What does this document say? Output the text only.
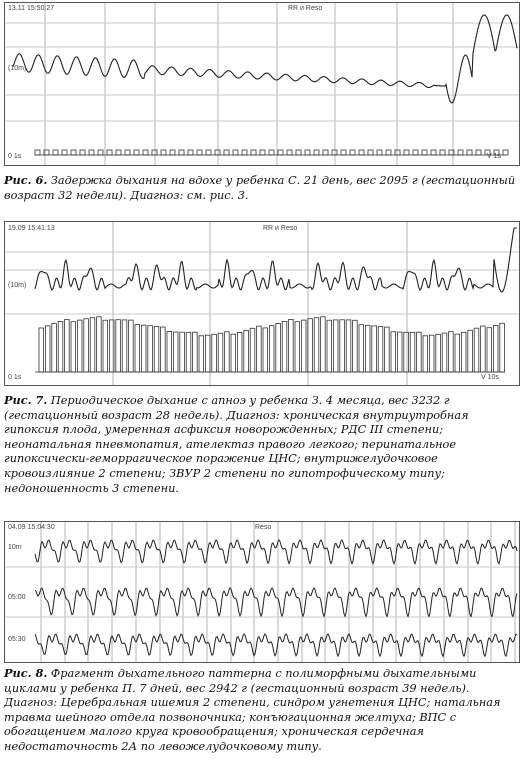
13.11 15:50:27	RR и Reso
(10m)
0 1s	V 1s

Рис. 6. Задержка дыхания на вдохе у ребенка С. 21 день, вес 2095 г (гестационный возраст 32 недели). Диагноз: см. рис. 3.

19.09 15:41:13	RR и Reso
(10m)
0 1s	V 10s

Рис. 7. Периодическое дыхание с апноэ у ребенка З. 4 месяца, вес 3232 г (гестационный возраст 28 недель). Диагноз: хроническая внутриутробная гипоксия плода, умеренная асфиксия новорожденных; РДС III степени; неонатальная пневмопатия, ателектаз правого легкого; перинатальное гипоксически-геморрагическое поражение ЦНС; внутрижелудочковое кровоизлияние 2 степени; ЗВУР 2 степени по гипотрофическому типу; недоношенность 3 степени.

04.09 15:04:30	Reso
10m
05:00
05:30

Рис. 8. Фрагмент дыхательного паттерна с полиморфными дыхательными циклами у ребенка П. 7 дней, вес 2942 г (гестационный возраст 39 недель). Диагноз: Церебральная ишемия 2 степени, синдром угнетения ЦНС; натальная травма шейного отдела позвоночника; конъюгационная желтуха; ВПС с обогащением малого круга кровообращения; хроническая сердечная недостаточность 2А по левожелудочковому типу.
